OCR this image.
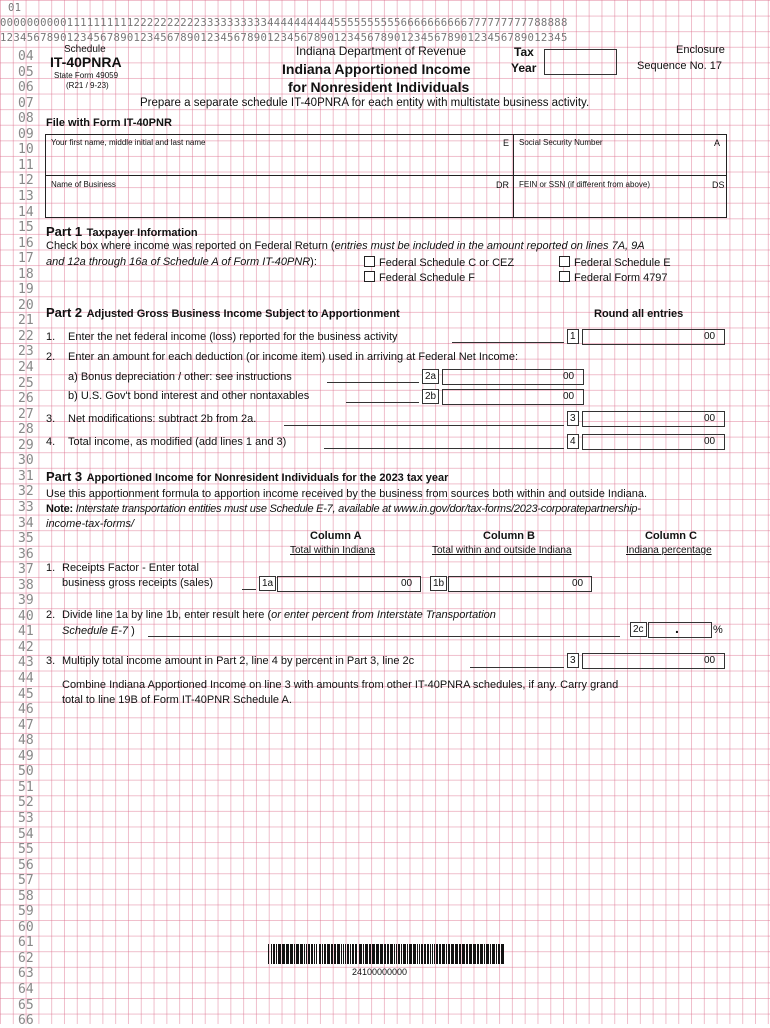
01
0000000000111111111122222222223333333333444444444455555555556666666666777777777788888
1234567890123456789012345678901234567890123456789012345678901234567890123456789012345
04
05
06
07
08
09
10
11
12
13
14
15
16
17
18
19
20
21
22
23
24
25
26
27
28
29
30
31
32
33
34
35
36
37
38
39
40
41
42
43
44
45
46
47
48
49
50
51
52
53
54
55
56
57
58
59
60
61
62
63
64
65
66
Schedule
IT-40PNRA
State Form 49059
(R21 / 9-23)
Indiana Department of Revenue
Indiana Apportioned Income
for Nonresident Individuals
Tax
Year
Enclosure
Sequence No. 17
Prepare a separate schedule IT-40PNRA for each entity with multistate business activity.
File with Form IT-40PNR
Your first name, middle initial and last name	E Social Security Number	A
Name of Business	DR FEIN or SSN (if different from above)	DS
Part 1 Taxpayer Information
Check box where income was reported on Federal Return (entries must be included in the amount reported on lines 7A, 9A
and 12a through 16a of Schedule A of Form IT-40PNR):	Federal Schedule C or CEZ	Federal Schedule E
Federal Schedule F	Federal Form 4797
Part 2 Adjusted Gross Business Income Subject to Apportionment	Round all entries
1. Enter the net federal income (loss) reported for the business activity	1	00
2. Enter an amount for each deduction (or income item) used in arriving at Federal Net Income:
a) Bonus depreciation / other: see instructions	2a	00
b) U.S. Gov't bond interest and other nontaxables	2b	00
3. Net modifications: subtract 2b from 2a.	3	00
4. Total income, as modified (add lines 1 and 3)	4	00
Part 3 Apportioned Income for Nonresident Individuals for the 2023 tax year
Use this apportionment formula to apportion income received by the business from sources both within and outside Indiana.
Note: Interstate transportation entities must use Schedule E-7, available at www.in.gov/dor/tax-forms/2023-corporatepartnership-
income-tax-forms/
Column A
Total within Indiana
Column B
Total within and outside Indiana
Column C
Indiana percentage
1. Receipts Factor - Enter total
business gross receipts (sales)	1a	00	1b	00
2. Divide line 1a by line 1b, enter result here (or enter percent from Interstate Transportation
Schedule E-7 )	2c .	%
3. Multiply total income amount in Part 2, line 4 by percent in Part 3, line 2c	3	00
Combine Indiana Apportioned Income on line 3 with amounts from other IT-40PNRA schedules, if any. Carry grand
total to line 19B of Form IT-40PNR Schedule A.
24100000000
